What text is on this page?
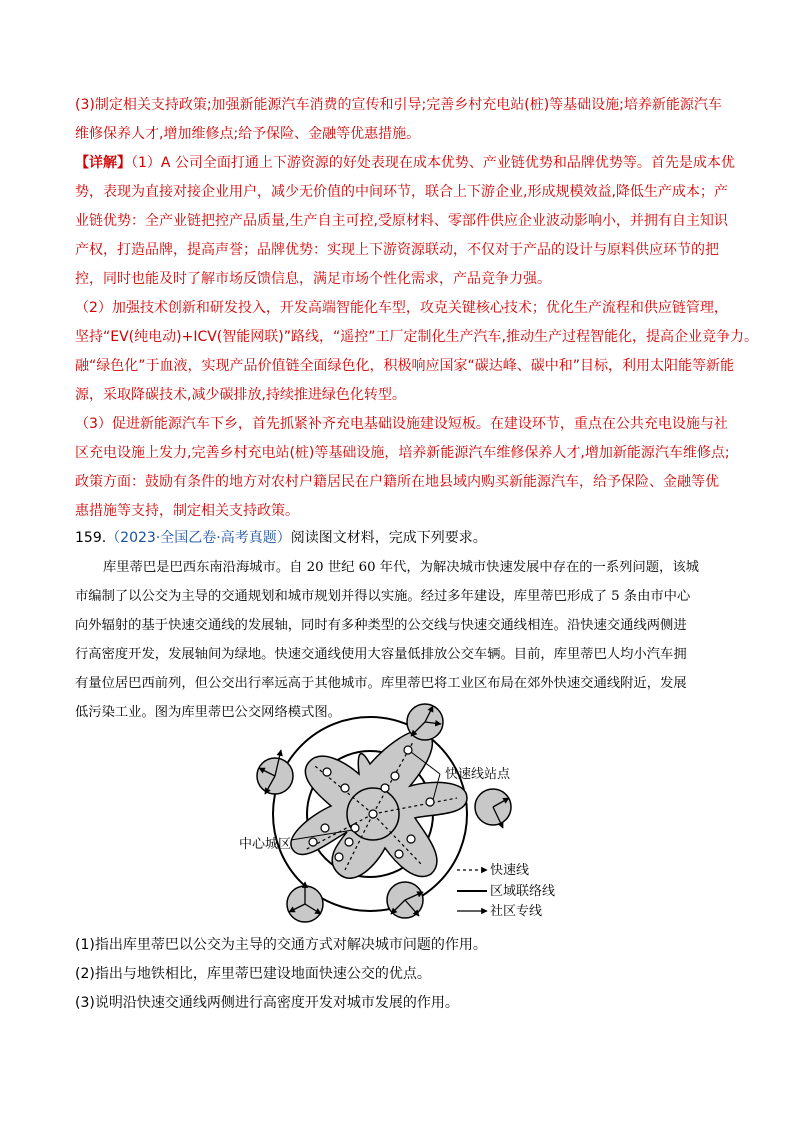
(3)制定相关支持政策;加强新能源汽车消费的宣传和引导;完善乡村充电站(桩)等基础设施;培养新能源汽车
维修保养人才,增加维修点;给予保险、金融等优惠措施。
【详解】（1）A 公司全面打通上下游资源的好处表现在成本优势、产业链优势和品牌优势等。首先是成本优
势，表现为直接对接企业用户，减少无价值的中间环节，联合上下游企业,形成规模效益,降低生产成本；产
业链优势：全产业链把控产品质量,生产自主可控,受原材料、零部件供应企业波动影响小，并拥有自主知识
产权，打造品牌，提高声誉；品牌优势：实现上下游资源联动，不仅对于产品的设计与原料供应环节的把
控，同时也能及时了解市场反馈信息，满足市场个性化需求，产品竞争力强。
（2）加强技术创新和研发投入，开发高端智能化车型，攻克关键核心技术；优化生产流程和供应链管理，
坚持“EV(纯电动)+ICV(智能网联)”路线，“遥控”工厂定制化生产汽车,推动生产过程智能化，提高企业竞争力。
融“绿色化”于血液，实现产品价值链全面绿色化，积极响应国家“碳达峰、碳中和”目标，利用太阳能等新能
源，采取降碳技术,减少碳排放,持续推进绿色化转型。
（3）促进新能源汽车下乡，首先抓紧补齐充电基础设施建设短板。在建设环节，重点在公共充电设施与社
区充电设施上发力,完善乡村充电站(桩)等基础设施，培养新能源汽车维修保养人才,增加新能源汽车维修点;
政策方面：鼓励有条件的地方对农村户籍居民在户籍所在地县域内购买新能源汽车，给予保险、金融等优
惠措施等支持，制定相关支持政策。
159.（2023·全国乙卷·高考真题）阅读图文材料，完成下列要求。
库里蒂巴是巴西东南沿海城市。自 20 世纪 60 年代，为解决城市快速发展中存在的一系列问题，该城
市编制了以公交为主导的交通规划和城市规划并得以实施。经过多年建设，库里蒂巴形成了 5 条由市中心
向外辐射的基于快速交通线的发展轴，同时有多种类型的公交线与快速交通线相连。沿快速交通线两侧进
行高密度开发，发展轴间为绿地。快速交通线使用大容量低排放公交车辆。目前，库里蒂巴人均小汽车拥
有量位居巴西前列，但公交出行率远高于其他城市。库里蒂巴将工业区布局在郊外快速交通线附近，发展
低污染工业。图为库里蒂巴公交网络模式图。
快速线站点
中心城区
快速线
区域联络线
社区专线
(1)指出库里蒂巴以公交为主导的交通方式对解决城市问题的作用。
(2)指出与地铁相比，库里蒂巴建设地面快速公交的优点。
(3)说明沿快速交通线两侧进行高密度开发对城市发展的作用。
